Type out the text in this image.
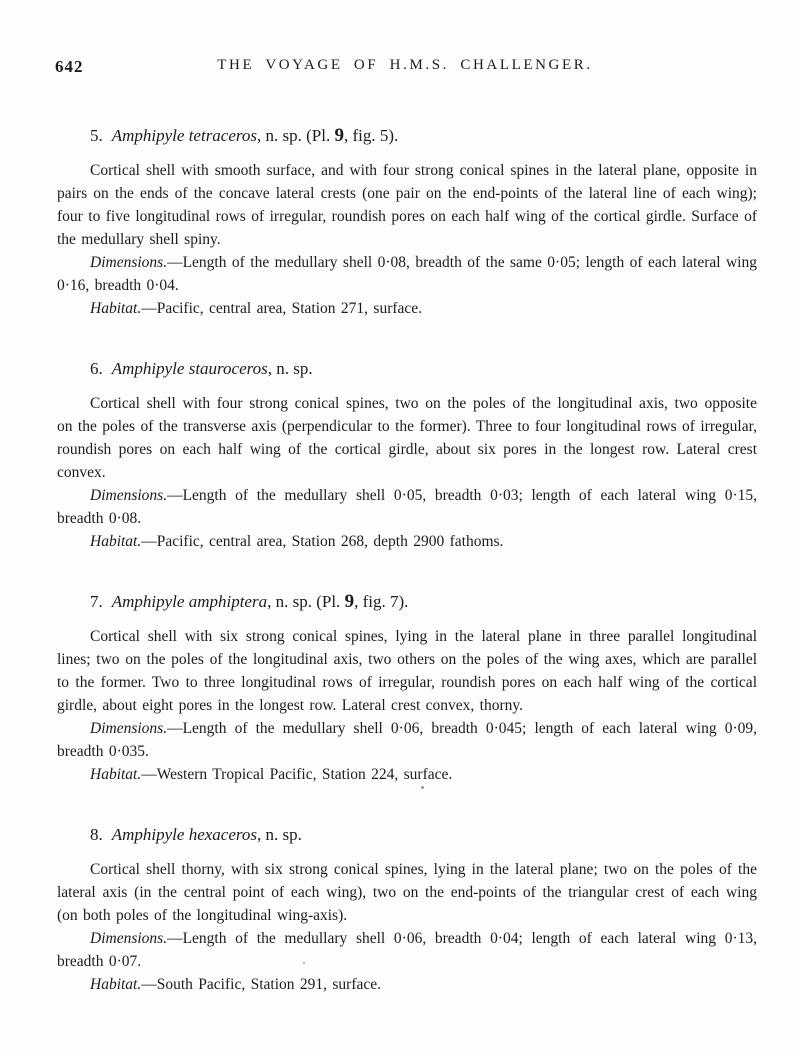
642	THE VOYAGE OF H.M.S. CHALLENGER.
5. Amphipyle tetraceros, n. sp. (Pl. 9, fig. 5).

Cortical shell with smooth surface, and with four strong conical spines in the lateral plane, opposite in pairs on the ends of the concave lateral crests (one pair on the end-points of the lateral line of each wing); four to five longitudinal rows of irregular, roundish pores on each half wing of the cortical girdle. Surface of the medullary shell spiny.

Dimensions.—Length of the medullary shell 0·08, breadth of the same 0·05; length of each lateral wing 0·16, breadth 0·04.

Habitat.—Pacific, central area, Station 271, surface.

6. Amphipyle stauroceros, n. sp.

Cortical shell with four strong conical spines, two on the poles of the longitudinal axis, two opposite on the poles of the transverse axis (perpendicular to the former). Three to four longitudinal rows of irregular, roundish pores on each half wing of the cortical girdle, about six pores in the longest row. Lateral crest convex.

Dimensions.—Length of the medullary shell 0·05, breadth 0·03; length of each lateral wing 0·15, breadth 0·08.

Habitat.—Pacific, central area, Station 268, depth 2900 fathoms.

7. Amphipyle amphiptera, n. sp. (Pl. 9, fig. 7).

Cortical shell with six strong conical spines, lying in the lateral plane in three parallel longitudinal lines; two on the poles of the longitudinal axis, two others on the poles of the wing axes, which are parallel to the former. Two to three longitudinal rows of irregular, roundish pores on each half wing of the cortical girdle, about eight pores in the longest row. Lateral crest convex, thorny.

Dimensions.—Length of the medullary shell 0·06, breadth 0·045; length of each lateral wing 0·09, breadth 0·035.

Habitat.—Western Tropical Pacific, Station 224, surface.

8. Amphipyle hexaceros, n. sp.

Cortical shell thorny, with six strong conical spines, lying in the lateral plane; two on the poles of the lateral axis (in the central point of each wing), two on the end-points of the triangular crest of each wing (on both poles of the longitudinal wing-axis).

Dimensions.—Length of the medullary shell 0·06, breadth 0·04; length of each lateral wing 0·13, breadth 0·07.

Habitat.—South Pacific, Station 291, surface.
